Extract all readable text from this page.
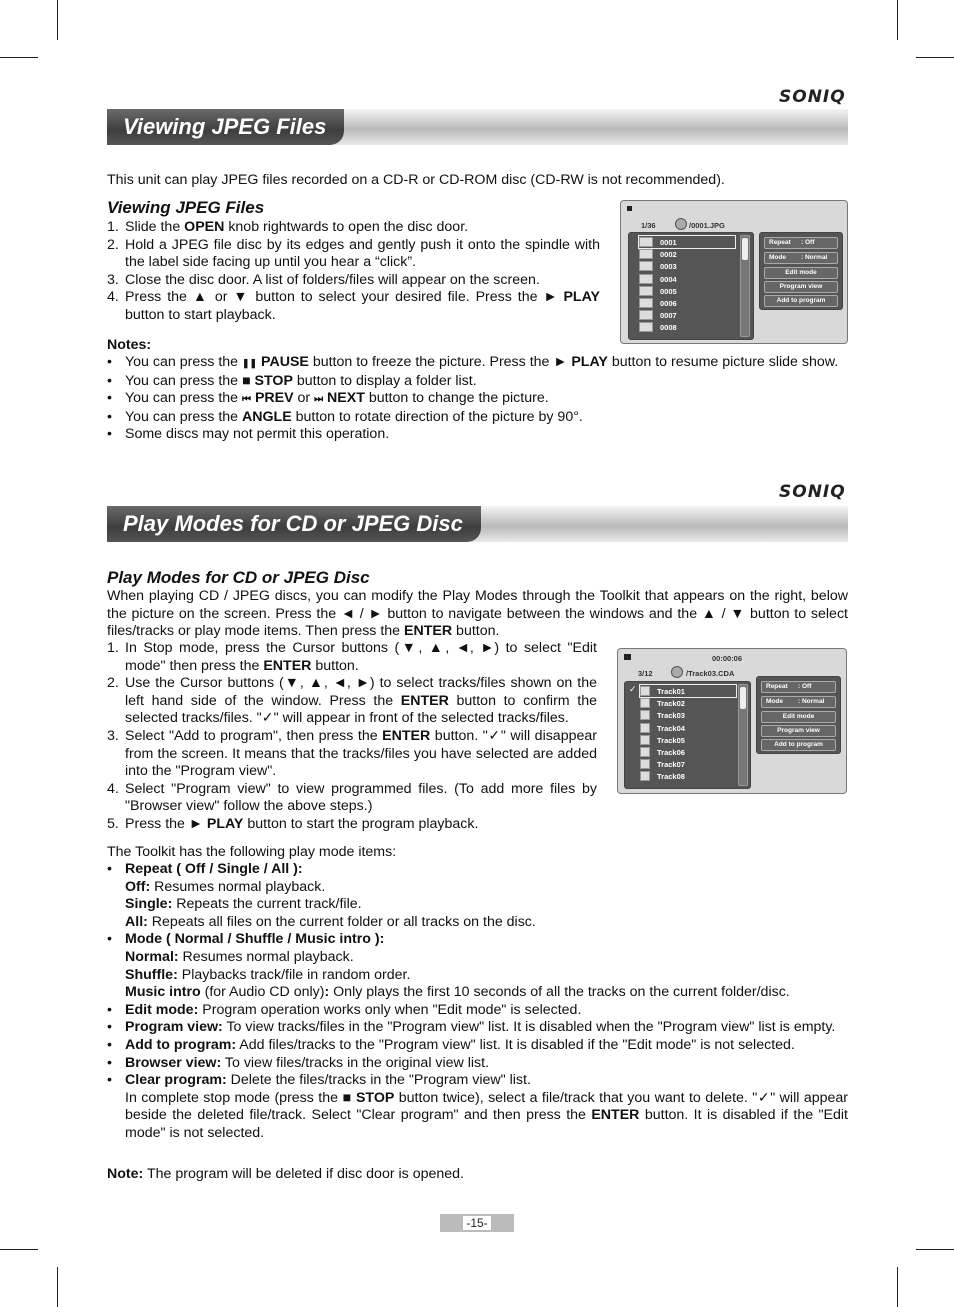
SONIQ
Viewing JPEG Files
This unit can play JPEG files recorded on a CD-R or CD-ROM disc (CD-RW is not recommended).
Viewing JPEG Files
1. Slide the OPEN knob rightwards to open the disc door.
2. Hold a JPEG file disc by its edges and gently push it onto the spindle with the label side facing up until you hear a “click”.
3. Close the disc door. A list of folders/files will appear on the screen.
4. Press the ▲ or ▼ button to select your desired file. Press the ► PLAY button to start playback.
Notes:
• You can press the ❚❚ PAUSE button to freeze the picture. Press the ► PLAY button to resume picture slide show.
• You can press the ■ STOP button to display a folder list.
• You can press the ⏮ PREV or ⏭ NEXT button to change the picture.
• You can press the ANGLE button to rotate direction of the picture by 90°.
• Some discs may not permit this operation.
1/36	/0001.JPG
0001
0002
0003
0004
0005
0006
0007
0008
Repeat : Off
Mode : Normal
Edit mode
Program view
Add to program
SONIQ
Play Modes for CD or JPEG Disc
Play Modes for CD or JPEG Disc
When playing CD / JPEG discs, you can modify the Play Modes through the Toolkit that appears on the right, below the picture on the screen. Press the ◄ / ► button to navigate between the windows and the ▲ / ▼ button to select files/tracks or play mode items. Then press the ENTER button.
1. In Stop mode, press the Cursor buttons (▼, ▲, ◄, ►) to select "Edit mode" then press the ENTER button.
2. Use the Cursor buttons (▼, ▲, ◄, ►) to select tracks/files shown on the left hand side of the window. Press the ENTER button to confirm the selected tracks/files. "✓" will appear in front of the selected tracks/files.
3. Select "Add to program", then press the ENTER button. "✓" will disappear from the screen. It means that the tracks/files you have selected are added into the "Program view".
4. Select "Program view" to view programmed files. (To add more files by "Browser view" follow the above steps.)
5. Press the ► PLAY button to start the program playback.
00:00:06
3/12	/Track03.CDA
✓	Track01
Track02
Track03
Track04
Track05
Track06
Track07
Track08
Repeat : Off
Mode : Normal
Edit mode
Program view
Add to program
The Toolkit has the following play mode items:
• Repeat ( Off / Single / All ):
Off: Resumes normal playback.
Single: Repeats the current track/file.
All: Repeats all files on the current folder or all tracks on the disc.
• Mode ( Normal / Shuffle / Music intro ):
Normal: Resumes normal playback.
Shuffle: Playbacks track/file in random order.
Music intro (for Audio CD only): Only plays the first 10 seconds of all the tracks on the current folder/disc.
• Edit mode: Program operation works only when "Edit mode" is selected.
• Program view: To view tracks/files in the "Program view" list. It is disabled when the "Program view" list is empty.
• Add to program: Add files/tracks to the "Program view" list. It is disabled if the "Edit mode" is not selected.
• Browser view: To view files/tracks in the original view list.
• Clear program: Delete the files/tracks in the "Program view" list.
In complete stop mode (press the ■ STOP button twice), select a file/track that you want to delete. "✓" will appear beside the deleted file/track. Select "Clear program" and then press the ENTER button. It is disabled if the "Edit mode" is not selected.
Note: The program will be deleted if disc door is opened.
-15-
